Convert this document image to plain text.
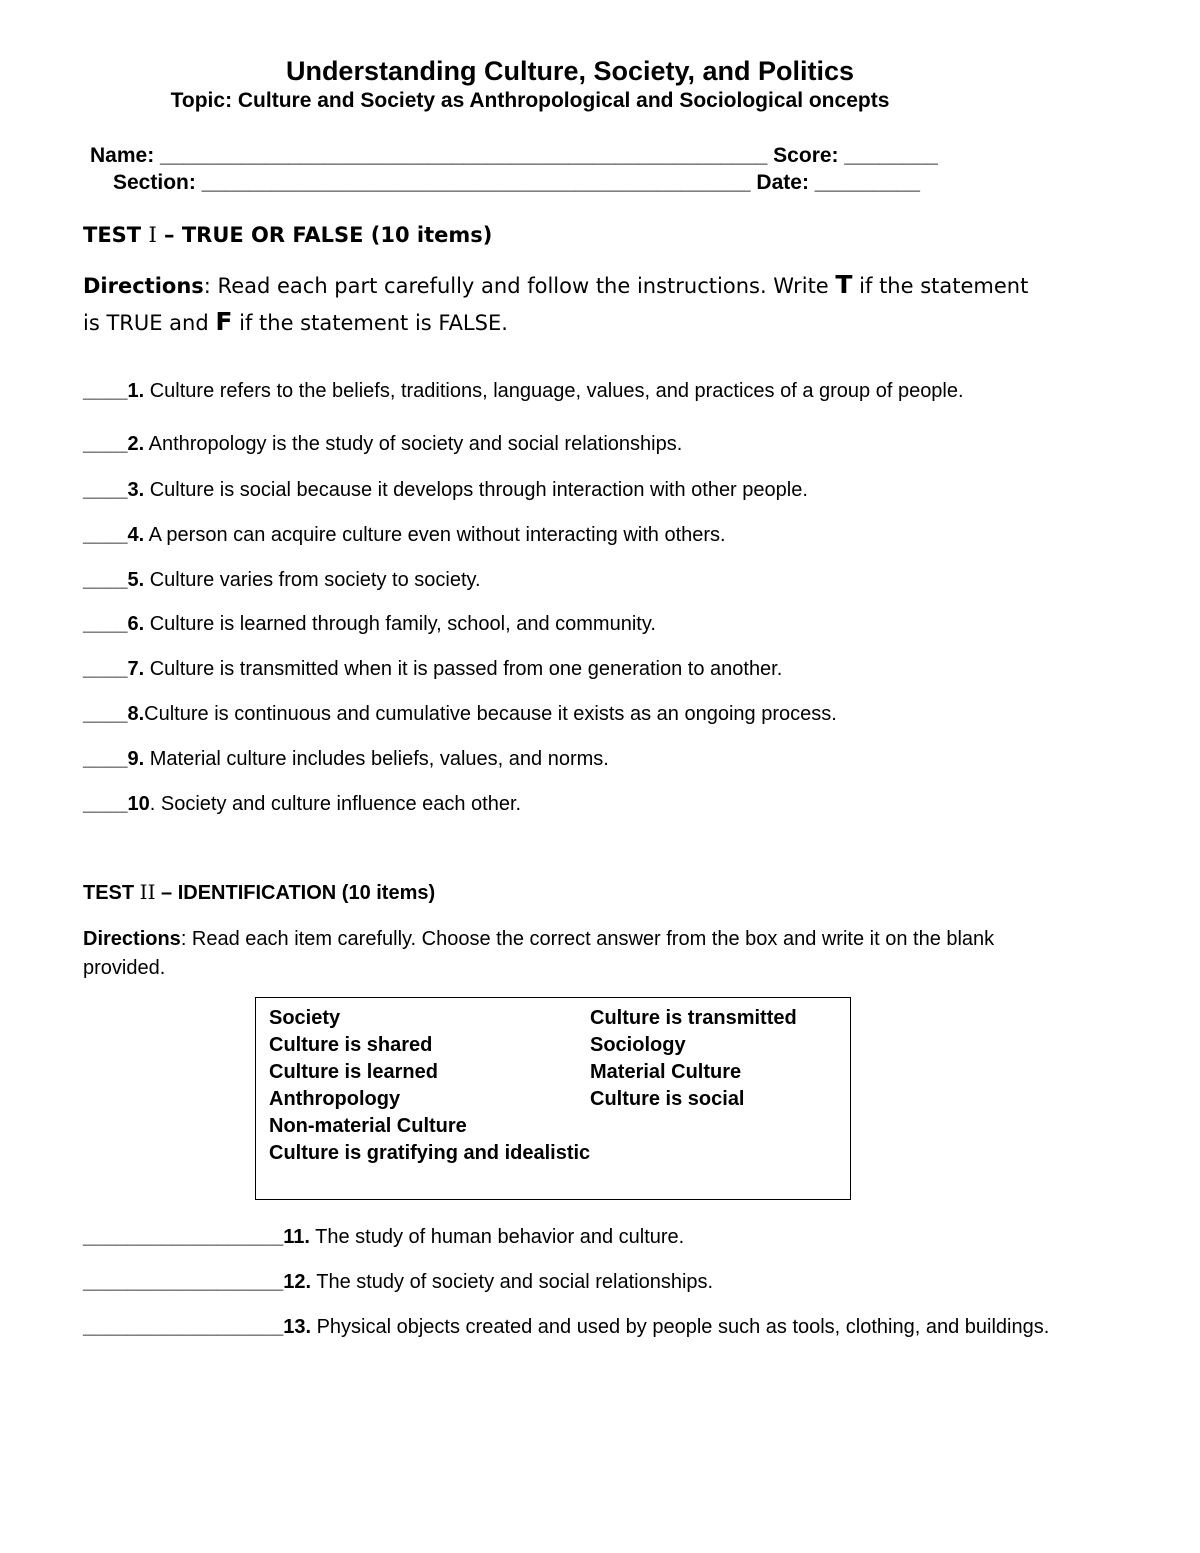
Understanding Culture, Society, and Politics
Topic: Culture and Society as Anthropological and Sociological oncepts
Name: ____________________________________________________ Score: ________
Section: _______________________________________________ Date: _________
TEST I – TRUE OR FALSE (10 items)
Directions: Read each part carefully and follow the instructions. Write T if the statement is TRUE and F if the statement is FALSE.
____1. Culture refers to the beliefs, traditions, language, values, and practices of a group of people.
____2. Anthropology is the study of society and social relationships.
____3. Culture is social because it develops through interaction with other people.
____4. A person can acquire culture even without interacting with others.
____5. Culture varies from society to society.
____6. Culture is learned through family, school, and community.
____7. Culture is transmitted when it is passed from one generation to another.
____8.Culture is continuous and cumulative because it exists as an ongoing process.
____9. Material culture includes beliefs, values, and norms.
____10. Society and culture influence each other.
TEST II – IDENTIFICATION (10 items)
Directions: Read each item carefully. Choose the correct answer from the box and write it on the blank provided.
Society
Culture is shared
Culture is learned
Anthropology
Non-material Culture
Culture is gratifying and idealistic
Culture is transmitted
Sociology
Material Culture
Culture is social
__________________11. The study of human behavior and culture.
__________________12. The study of society and social relationships.
__________________13. Physical objects created and used by people such as tools, clothing, and buildings.
